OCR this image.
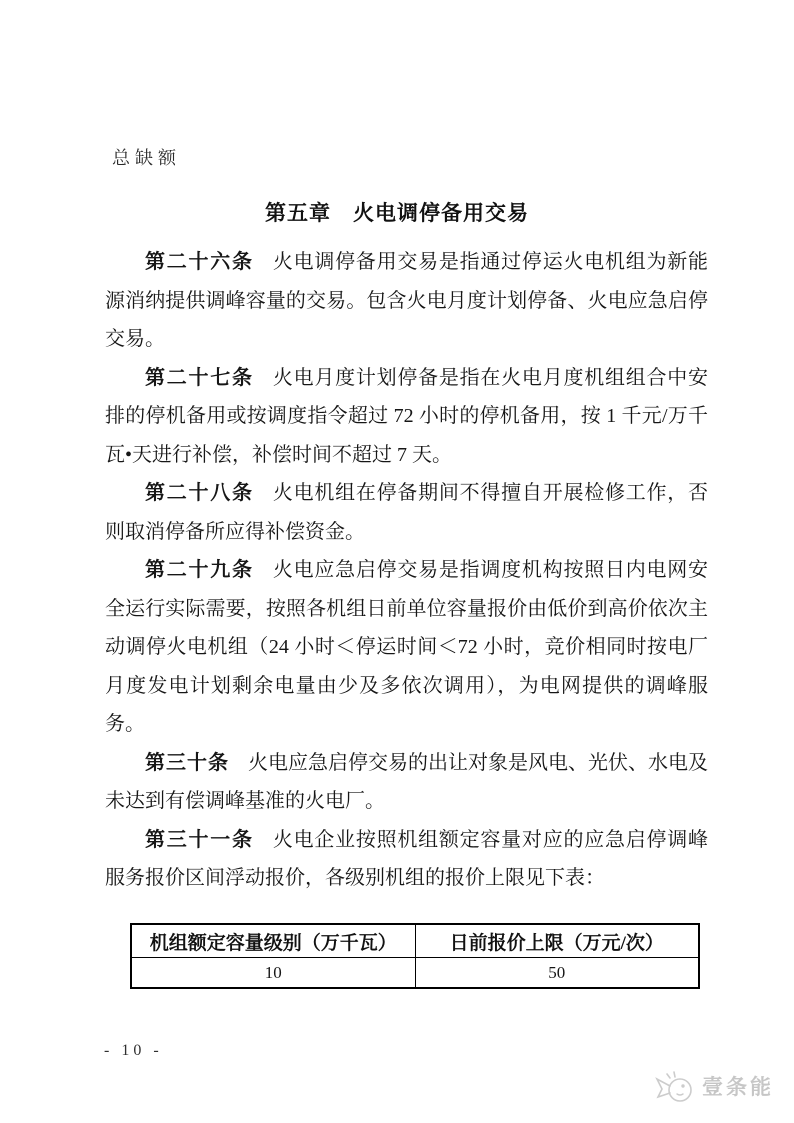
总缺额
第五章　火电调停备用交易

第二十六条 火电调停备用交易是指通过停运火电机组为新能源消纳提供调峰容量的交易。包含火电月度计划停备、火电应急启停交易。

第二十七条 火电月度计划停备是指在火电月度机组组合中安排的停机备用或按调度指令超过 72 小时的停机备用，按 1 千元/万千瓦•天进行补偿，补偿时间不超过 7 天。

第二十八条 火电机组在停备期间不得擅自开展检修工作，否则取消停备所应得补偿资金。

第二十九条 火电应急启停交易是指调度机构按照日内电网安全运行实际需要，按照各机组日前单位容量报价由低价到高价依次主动调停火电机组（24 小时＜停运时间＜72 小时，竞价相同时按电厂月度发电计划剩余电量由少及多依次调用），为电网提供的调峰服务。

第三十条 火电应急启停交易的出让对象是风电、光伏、水电及未达到有偿调峰基准的火电厂。

第三十一条 火电企业按照机组额定容量对应的应急启停调峰服务报价区间浮动报价，各级别机组的报价上限见下表：

机组额定容量级别（万千瓦）	日前报价上限（万元/次）
10	50
- 10 -
壹条能
